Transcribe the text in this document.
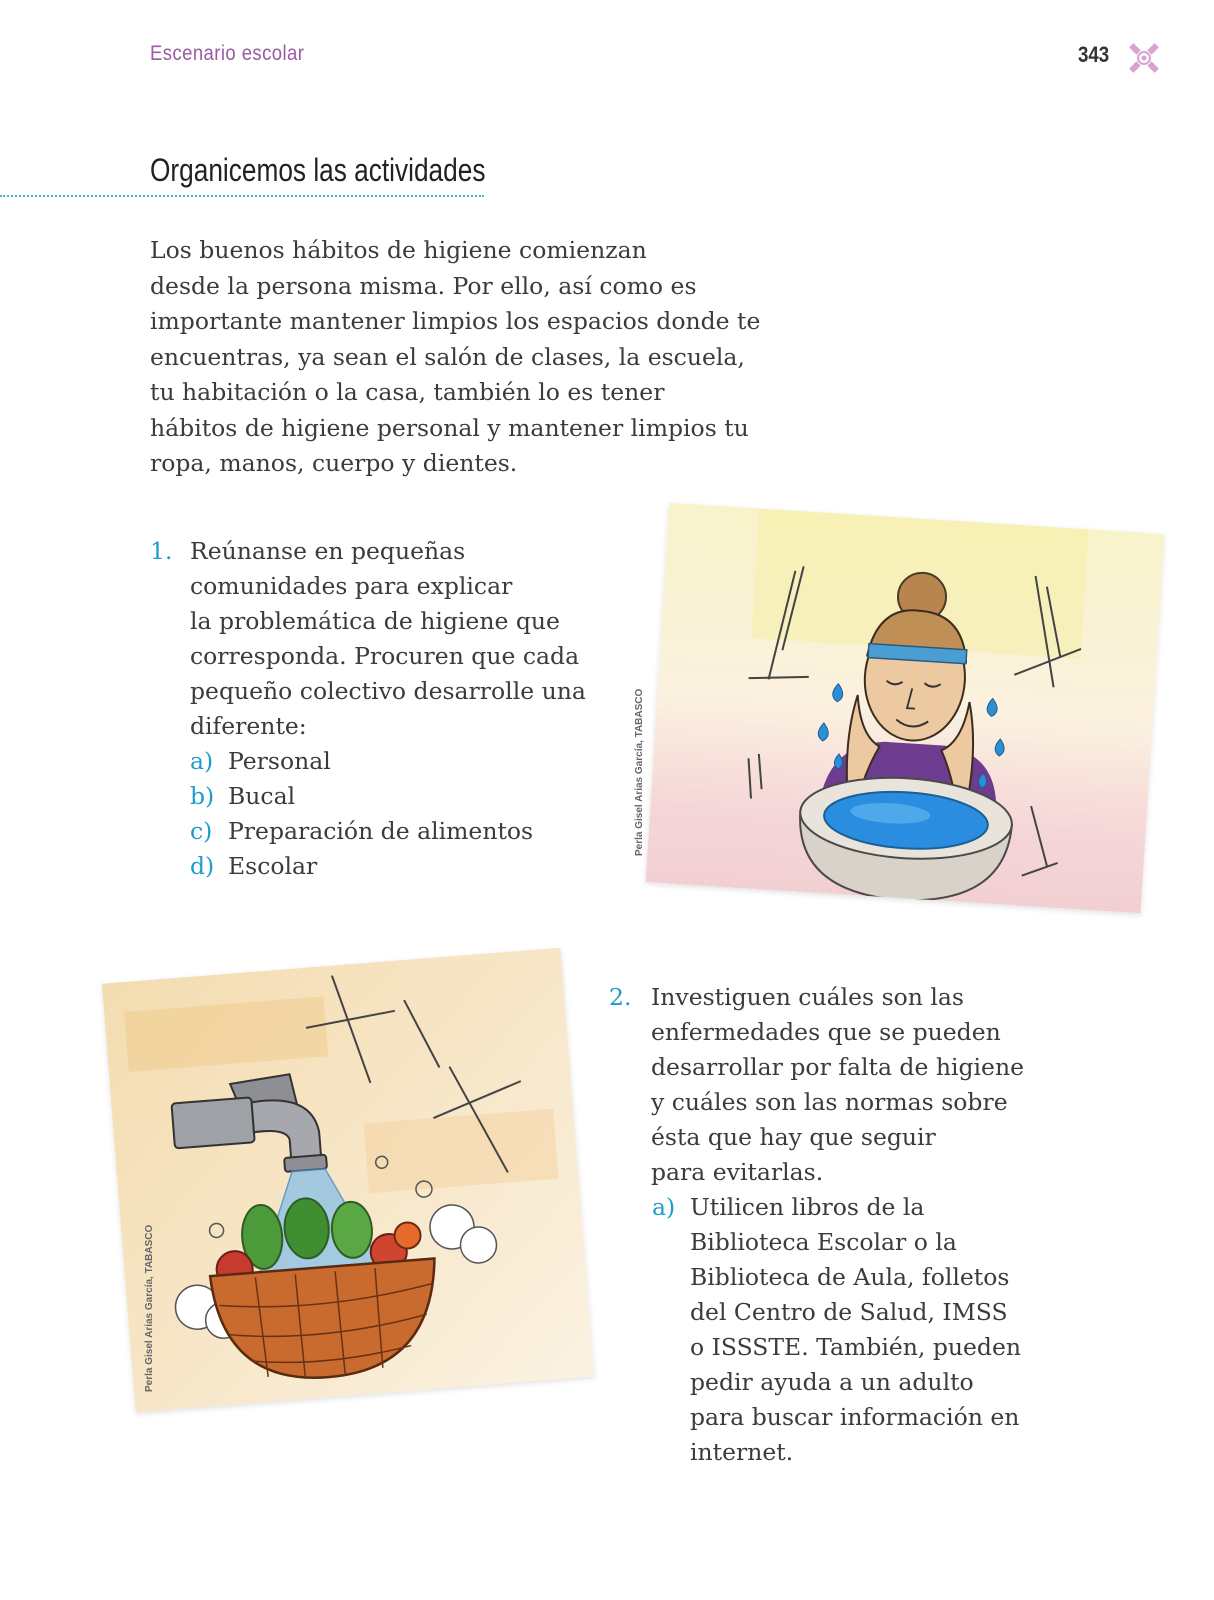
Escenario escolar	343
Organicemos las actividades

Los buenos hábitos de higiene comienzan
desde la persona misma. Por ello, así como es
importante mantener limpios los espacios donde te
encuentras, ya sean el salón de clases, la escuela,
tu habitación o la casa, también lo es tener
hábitos de higiene personal y mantener limpios tu
ropa, manos, cuerpo y dientes.

1. Reúnanse en pequeñas
comunidades para explicar
la problemática de higiene que
corresponda. Procuren que cada
pequeño colectivo desarrolle una
diferente:
a) Personal
b) Bucal
c) Preparación de alimentos
d) Escolar
Perla Gisel Arias García, TABASCO
Perla Gisel Arias García, TABASCO
2. Investiguen cuáles son las
enfermedades que se pueden
desarrollar por falta de higiene
y cuáles son las normas sobre
ésta que hay que seguir
para evitarlas.
a) Utilicen libros de la
Biblioteca Escolar o la
Biblioteca de Aula, folletos
del Centro de Salud, IMSS
o ISSSTE. También, pueden
pedir ayuda a un adulto
para buscar información en
internet.
